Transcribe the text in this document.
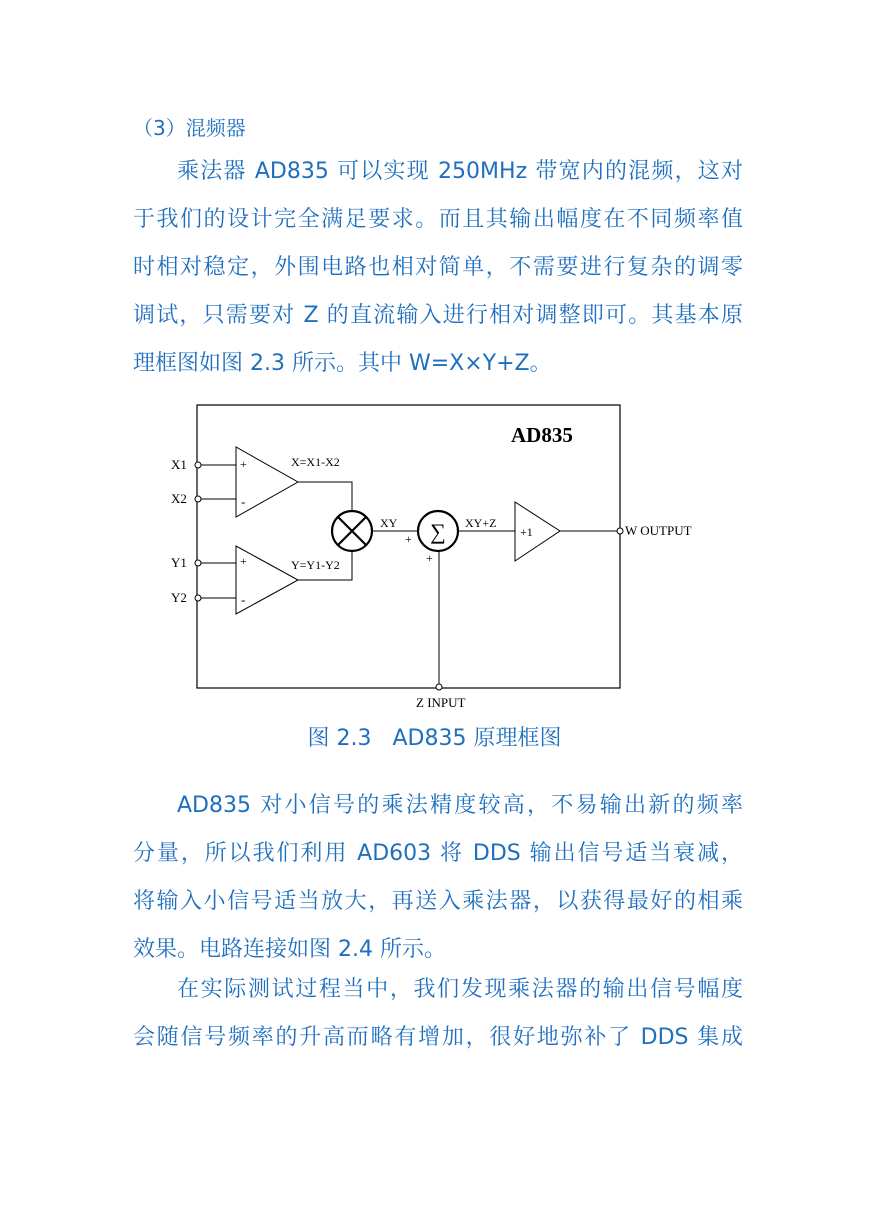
（3）混频器
乘法器 AD835 可以实现 250MHz 带宽内的混频，这对
于我们的设计完全满足要求。而且其输出幅度在不同频率值
时相对稳定，外围电路也相对简单，不需要进行复杂的调零
调试，只需要对 Z 的直流输入进行相对调整即可。其基本原
理框图如图 2.3 所示。其中 W=X×Y+Z。
AD835
+
-
X1
X2
X=X1-X2
+
-
Y1
Y2
Y=Y1-Y2
XY
+ ∑ XY+Z
+
Z INPUT
+1	W OUTPUT
图 2.3   AD835 原理框图
AD835 对小信号的乘法精度较高，不易输出新的频率
分量，所以我们利用 AD603 将 DDS 输出信号适当衰减，
将输入小信号适当放大，再送入乘法器，以获得最好的相乘
效果。电路连接如图 2.4 所示。
在实际测试过程当中，我们发现乘法器的输出信号幅度
会随信号频率的升高而略有增加，很好地弥补了 DDS 集成
